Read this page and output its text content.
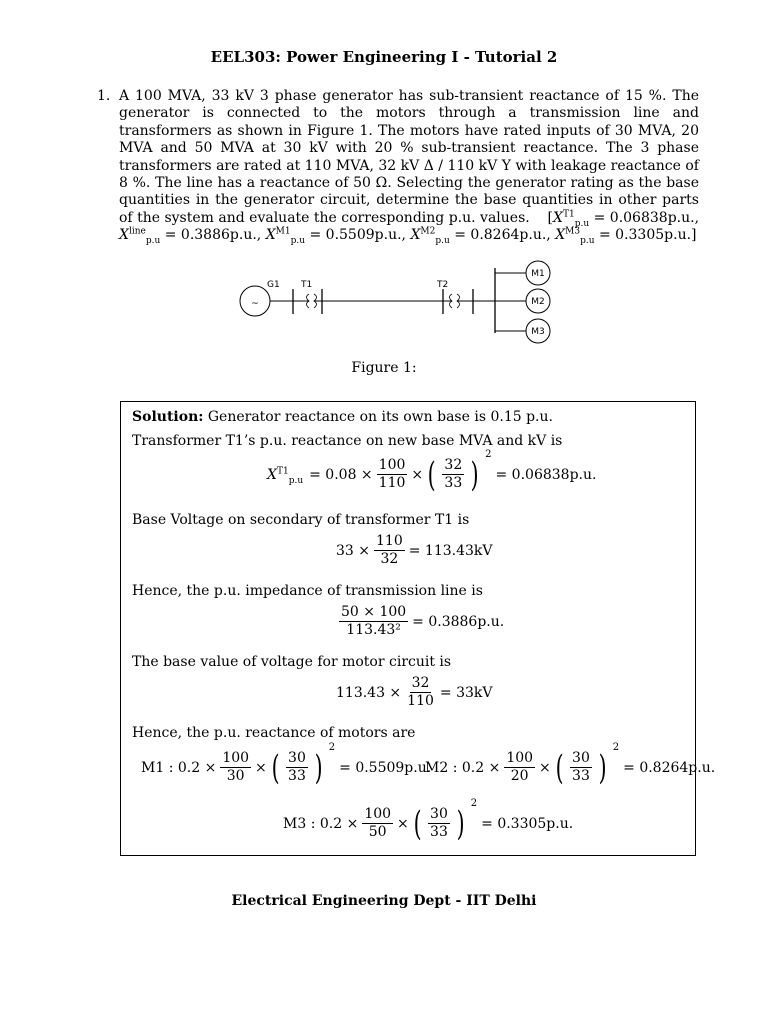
EEL303: Power Engineering I - Tutorial 2
1. A 100 MVA, 33 kV 3 phase generator has sub-transient reactance of 15 %. The generator is connected to the motors through a transmission line and transformers as shown in Figure 1. The motors have rated inputs of 30 MVA, 20 MVA and 50 MVA at 30 kV with 20 % sub-transient reactance. The 3 phase transformers are rated at 110 MVA, 32 kV Δ / 110 kV Y with leakage reactance of 8 %. The line has a reactance of 50 Ω. Selecting the generator rating as the base quantities in the generator circuit, determine the base quantities in other parts of the system and evaluate the corresponding p.u. values.    [$X^{T1}_{p.u} = 0.06838p.u$., $X^{line}_{p.u} = 0.3886p.u$., $X^{M1}_{p.u} = 0.5509p.u$., $X^{M2}_{p.u} = 0.8264p.u$., $X^{M3}_{p.u} = 0.3305p.u$.]
~
G1 T1	T2
M1
M2
M3
Figure 1:
Solution: Generator reactance on its own base is 0.15 p.u.
Transformer T1’s p.u. reactance on new base MVA and kV is
$X^{T1}_{p.u} = 0.08 \times \frac{100}{110}$ × ( $\frac{32}{33}$ ) 2
= 0.06838p.u.
Base Voltage on secondary of transformer T1 is
$33 \times \frac{110}{32} = 113.43kV$
Hence, the p.u. impedance of transmission line is
$\frac{50 \times 100}{\text{113.43²}} = 0.3886p.u$.
The base value of voltage for motor circuit is
$113.43 \times \frac{32}{110} = 33kV$
Hence, the p.u. reactance of motors are
M1 : $0.2 \times \frac{100}{30}$ × ( $\frac{30}{33}$ ) 2
= 0.5509p.u.
M2 : $0.2 \times \frac{100}{20}$ × ( $\frac{30}{33}$ ) 2
= 0.8264p.u.
M3 : $0.2 \times \frac{100}{50}$ × ( $\frac{30}{33}$ ) 2
= 0.3305p.u.
Electrical Engineering Dept - IIT Delhi
